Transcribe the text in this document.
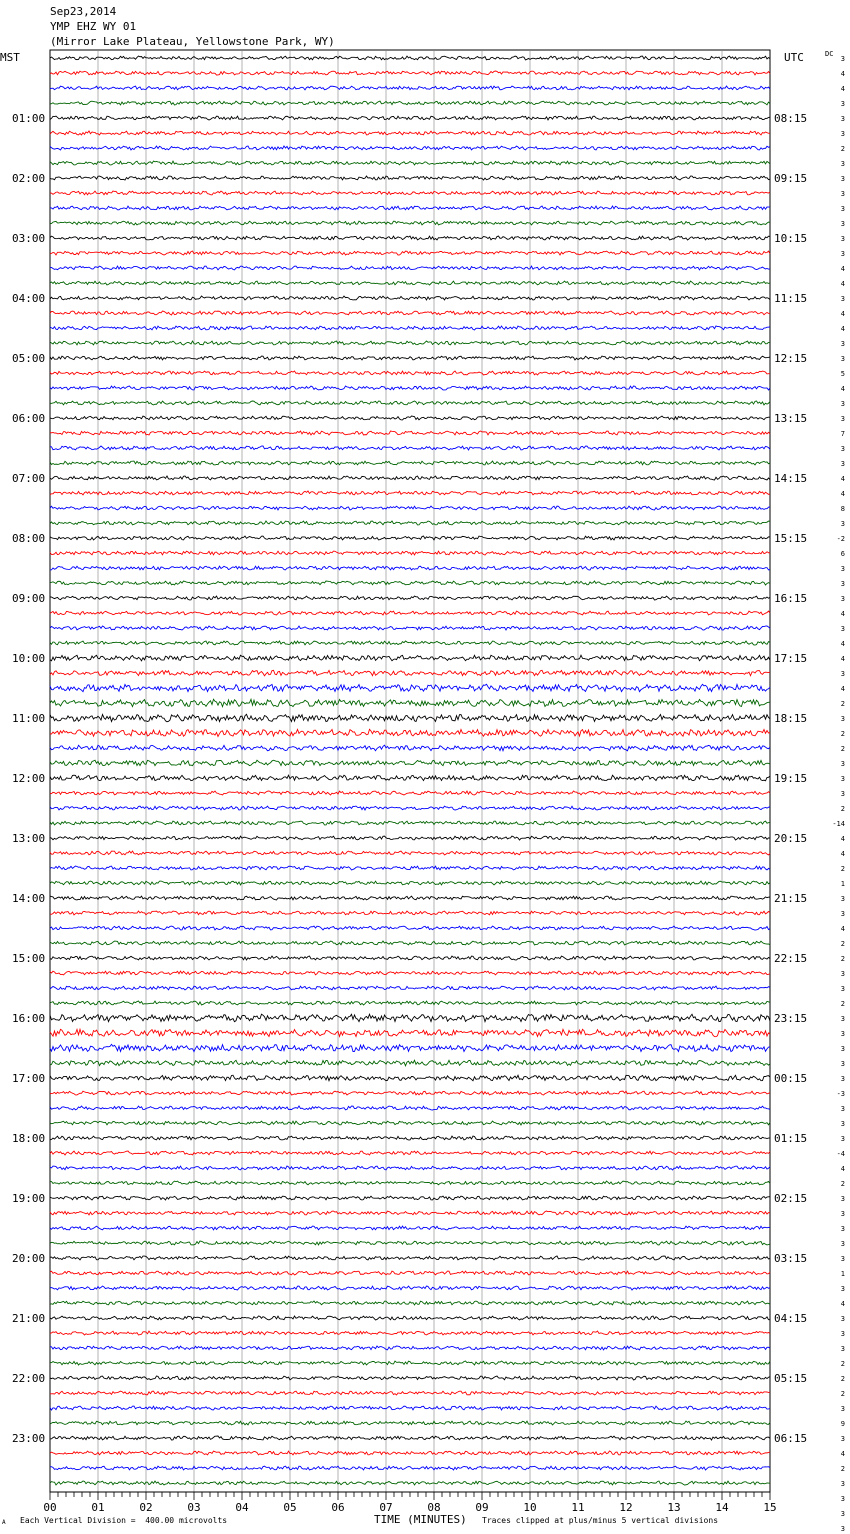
Sep23,2014
YMP EHZ WY 01
(Mirror Lake Plateau, Yellowstone Park, WY)
MST	UTC	DC
01:00
02:00
03:00
04:00
05:00
06:00
07:00
08:00
09:00
10:00
11:00
12:00
13:00
14:00
15:00
16:00
17:00
18:00
19:00
20:00
21:00
22:00
23:00
08:15
09:15
10:15
11:15
12:15
13:15
14:15
15:15
16:15
17:15
18:15
19:15
20:15
21:15
22:15
23:15
00:15
01:15
02:15
03:15
04:15
05:15
06:15
3
4
4
3
3
3
2
3
3
3
3
3
3
3
4
4
3
4
4
3
3
5
4
3
3
7
3
3
4
4
8
3
-2
6
3
3
3
4
3
4
4
3
4
2
3
2
2
3
3
3
2
-14
4
4
2
1
3
3
4
2
2
3
3
2
3
3
3
3
3
-3
3
3
3
-4
4
2
3
3
3
3
3
1
3
4
3
3
3
2
2
2
3
9
3
4
2
3
3
3
3
00	01	02	03	04	05	06	07	08	09	10	11	12	13	14	15
A Each Vertical Division =  400.00 microvolts	TIME (MINUTES) Traces clipped at plus/minus 5 vertical divisions
